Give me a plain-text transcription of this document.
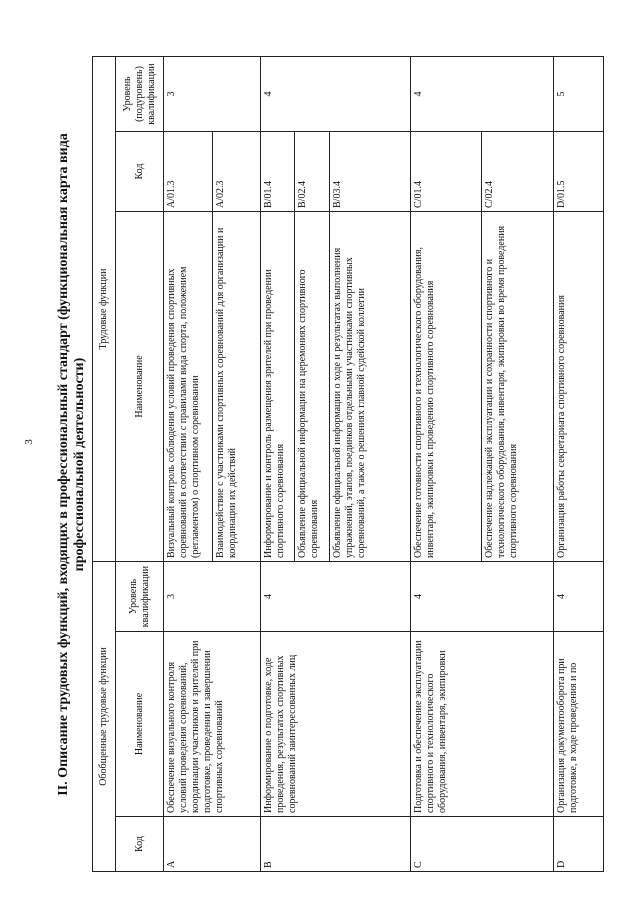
3 II. Описание трудовых функций, входящих в профессиональный стандарт (функциональная карта вида
профессиональной деятельности)
Обобщенные трудовые функции			Трудовые функции		
Код	Наименование	Уровень квалификации	Наименование	Код	Уровень (подуровень) квалификации
A	Обеспечение визуального контроля условий проведения соревнований, координации участников и зрителей при подготовке, проведении и завершении спортивных соревнований	3	Визуальный контроль соблюдения условий проведения спортивных соревнований в соответствии с правилами вида спорта, положением (регламентом) о спортивном соревновании	A/01.3	3
			Взаимодействие с участниками спортивных соревнований для организации и координации их действий	A/02.3	
B	Информирование о подготовке, ходе проведения, результатах спортивных соревнований заинтересованных лиц	4	Информирование и контроль размещения зрителей при проведении спортивного соревнования	B/01.4	4
			Объявление официальной информации на церемониях спортивного соревнования	B/02.4	
			Объявление официальной информации о ходе и результатах выполнения упражнений, этапов, поединков отдельными участниками спортивных соревнований, а также о решениях главной судейской коллегии	B/03.4	
C	Подготовка и обеспечение эксплуатации спортивного и технологического оборудования, инвентаря, экипировки	4	Обеспечение готовности спортивного и технологического оборудования, инвентаря, экипировки к проведению спортивного соревнования	C/01.4	4
			Обеспечение надлежащей эксплуатации и сохранности спортивного и технологического оборудования, инвентаря, экипировки во время проведения спортивного соревнования	C/02.4	
D	Организация документооборота при подготовке, в ходе проведения и по	4	Организация работы секретариата спортивного соревнования	D/01.5	5
